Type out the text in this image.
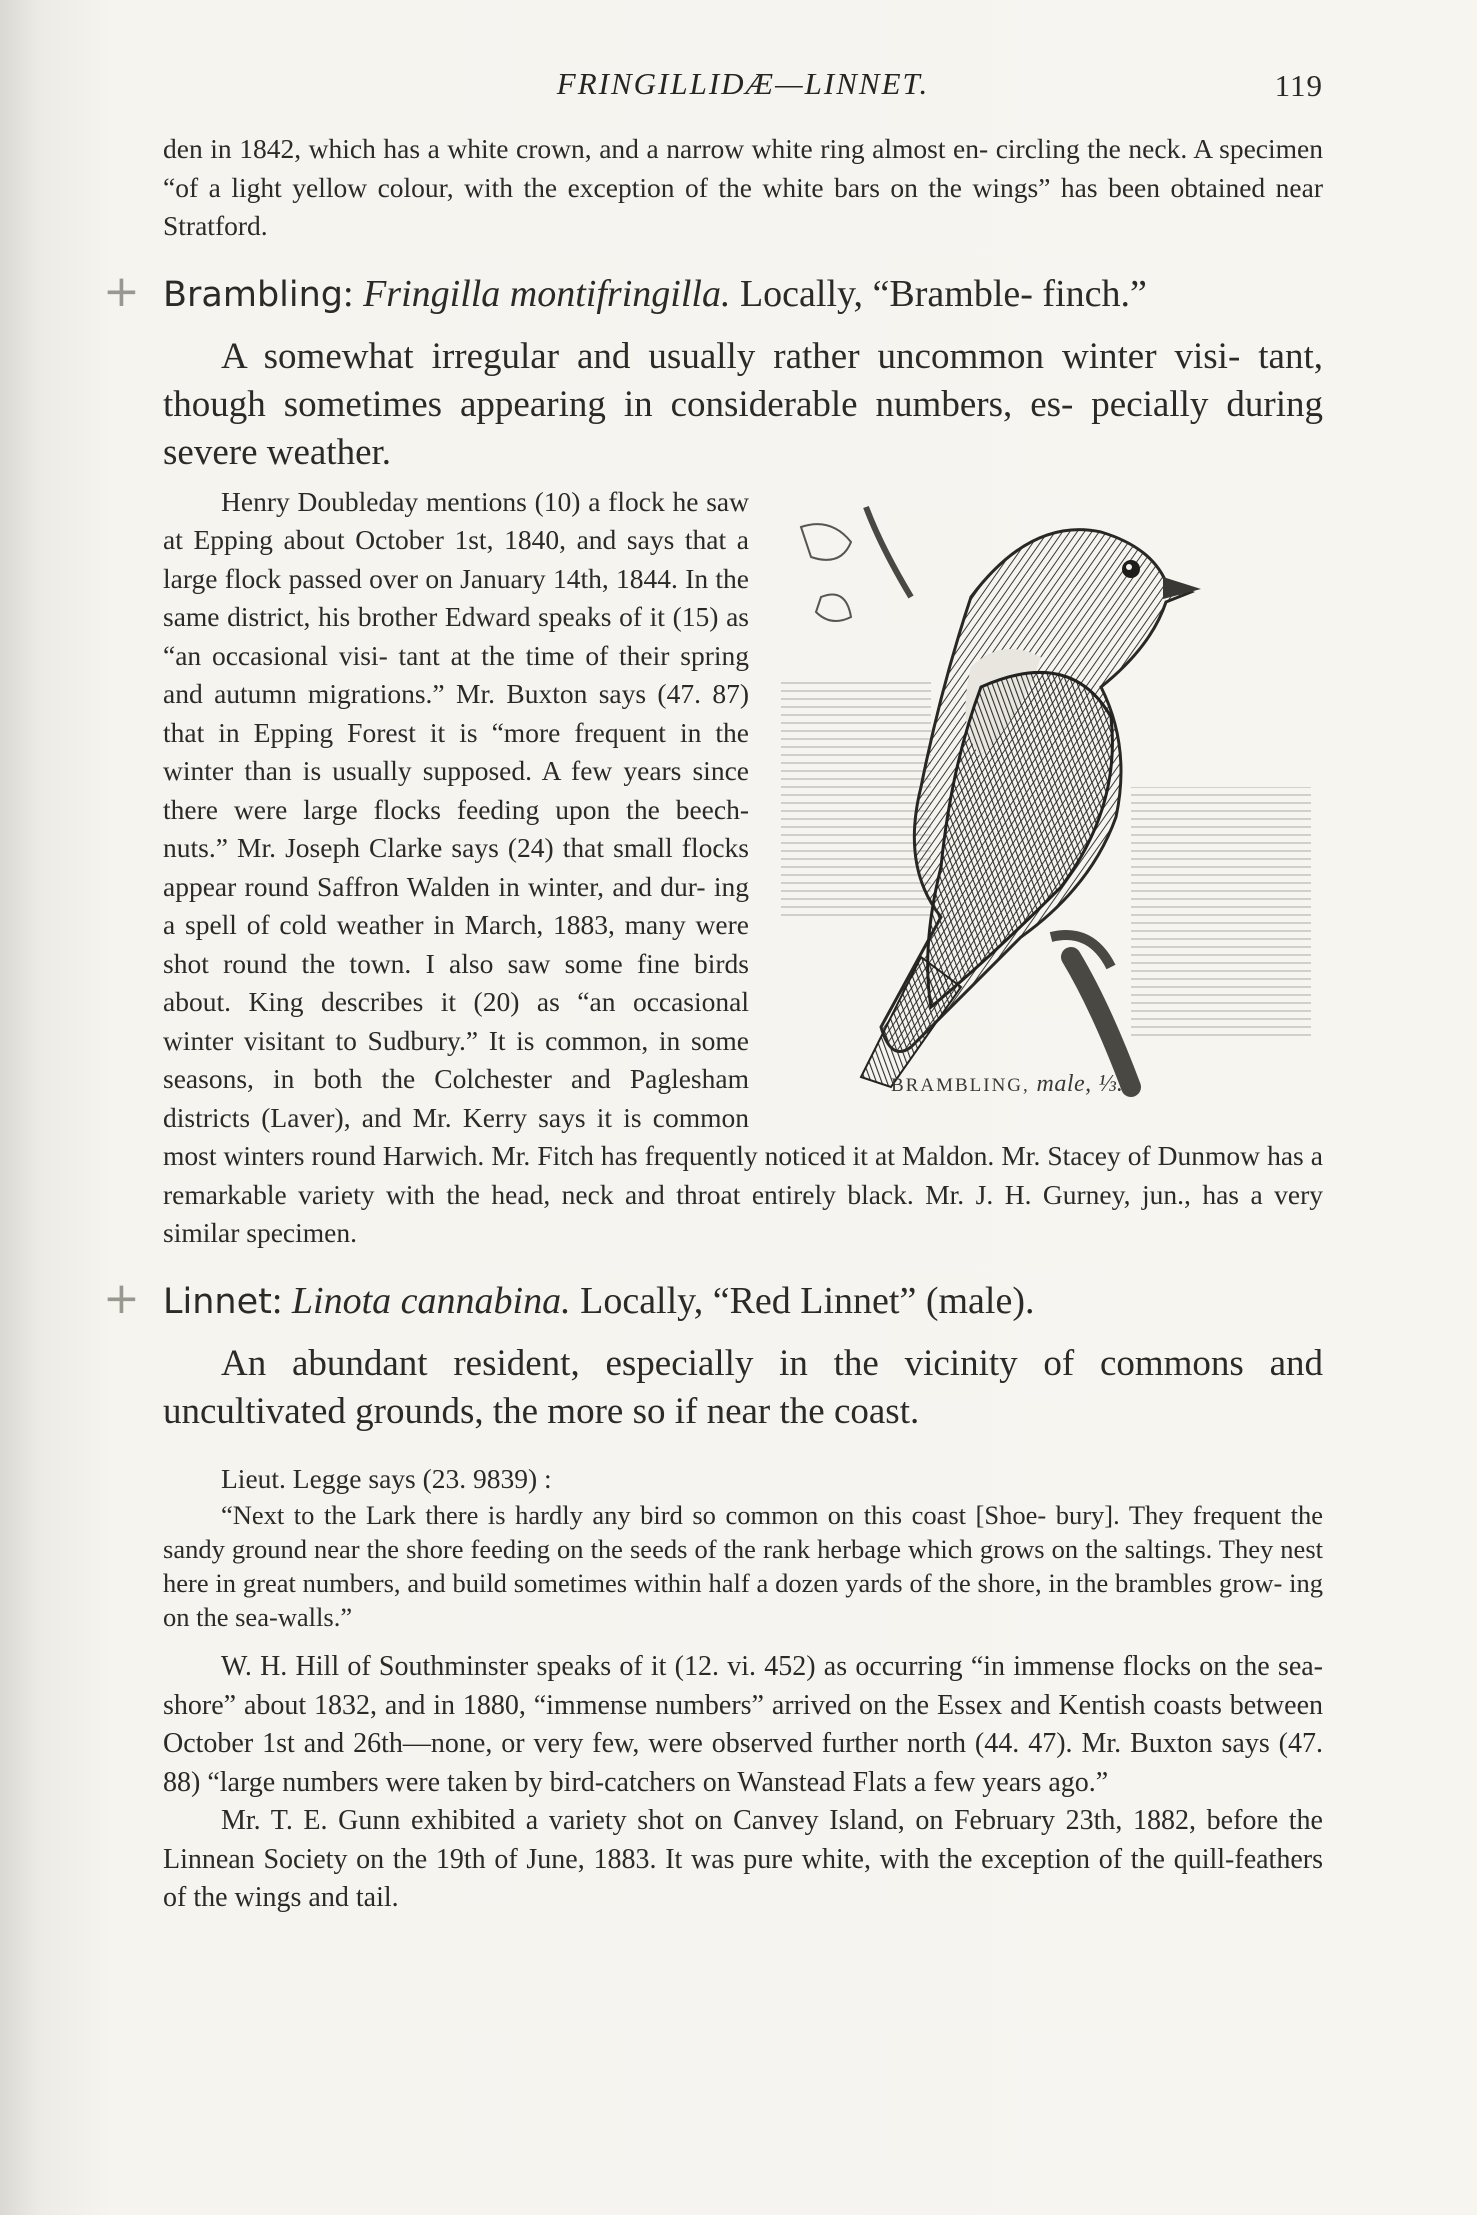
FRINGILLIDÆ—LINNET.	119

den in 1842, which has a white crown, and a narrow white ring almost en- circling the neck. A specimen “of a light yellow colour, with the exception of the white bars on the wings” has been obtained near Stratford.

+ Brambling: Fringilla montifringilla. Locally, “Bramble- finch.”

A somewhat irregular and usually rather uncommon winter visi- tant, though sometimes appearing in considerable numbers, es- pecially during severe weather.

BRAMBLING, male, ⅓.

Henry Doubleday mentions (10) a flock he saw at Epping about October 1st, 1840, and says that a large flock passed over on January 14th, 1844. In the same district, his brother Edward speaks of it (15) as “an occasional visi- tant at the time of their spring and autumn migrations.” Mr. Buxton says (47. 87) that in Epping Forest it is “more frequent in the winter than is usually supposed. A few years since there were large flocks feeding upon the beech-nuts.” Mr. Joseph Clarke says (24) that small flocks appear round Saffron Walden in winter, and dur- ing a spell of cold weather in March, 1883, many were shot round the town. I also saw some fine birds about. King describes it (20) as “an occasional winter visitant to Sudbury.” It is common, in some seasons, in both the Colchester and Paglesham districts (Laver), and Mr. Kerry says it is common most winters round Harwich. Mr. Fitch has frequently noticed it at Maldon. Mr. Stacey of Dunmow has a remarkable variety with the head, neck and throat entirely black. Mr. J. H. Gurney, jun., has a very similar specimen.

+ Linnet: Linota cannabina. Locally, “Red Linnet” (male).

An abundant resident, especially in the vicinity of commons and uncultivated grounds, the more so if near the coast.

Lieut. Legge says (23. 9839) :

“Next to the Lark there is hardly any bird so common on this coast [Shoe- bury]. They frequent the sandy ground near the shore feeding on the seeds of the rank herbage which grows on the saltings. They nest here in great numbers, and build sometimes within half a dozen yards of the shore, in the brambles grow- ing on the sea-walls.”

W. H. Hill of Southminster speaks of it (12. vi. 452) as occurring “in immense flocks on the sea-shore” about 1832, and in 1880, “immense numbers” arrived on the Essex and Kentish coasts between October 1st and 26th—none, or very few, were observed further north (44. 47). Mr. Buxton says (47. 88) “large numbers were taken by bird-catchers on Wanstead Flats a few years ago.”

Mr. T. E. Gunn exhibited a variety shot on Canvey Island, on February 23th, 1882, before the Linnean Society on the 19th of June, 1883. It was pure white, with the exception of the quill-feathers of the wings and tail.
